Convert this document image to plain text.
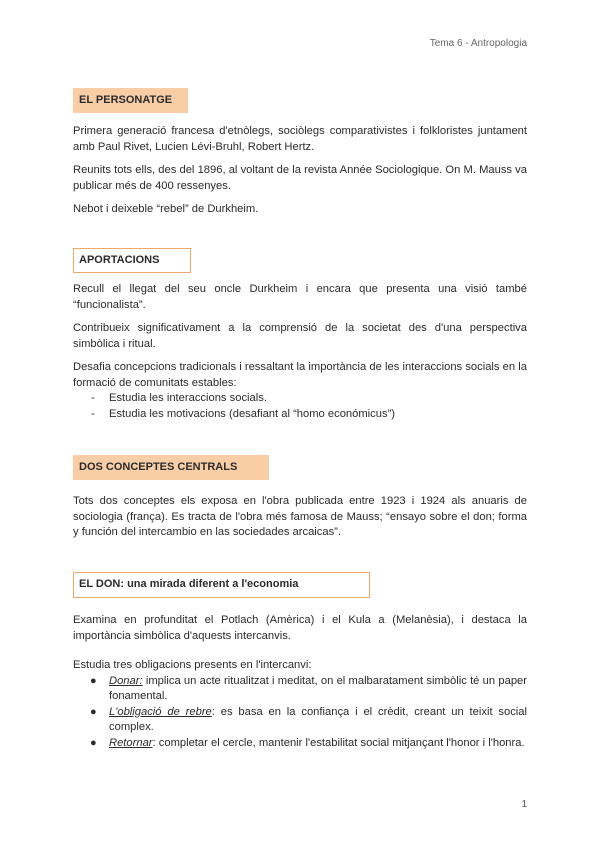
Tema 6 - Antropologia
EL PERSONATGE

Primera generació francesa d'etnòlegs, sociòlegs comparativistes i folkloristes juntament amb Paul Rivet, Lucien Lévi-Bruhl, Robert Hertz.

Reunits tots ells, des del 1896, al voltant de la revista Année Sociologique. On M. Mauss va publicar més de 400 ressenyes.

Nebot i deixeble “rebel” de Durkheim.

APORTACIONS

Recull el llegat del seu oncle Durkheim i encara que presenta una visió també “funcionalista”.

Contribueix significativament a la comprensió de la societat des d'una perspectiva simbòlica i ritual.

Desafia concepcions tradicionals i ressaltant la importància de les interaccions socials en la formació de comunitats estables:

- Estudia les interaccions socials.
- Estudia les motivacions (desafiant al “homo económicus”)
DOS CONCEPTES CENTRALS

Tots dos conceptes els exposa en l'obra publicada entre 1923 i 1924 als anuaris de sociologia (frança). Es tracta de l'obra més famosa de Mauss; “ensayo sobre el don; forma y función del intercambio en las sociedades arcaicas”.

EL DON: una mirada diferent a l'economia

Examina en profunditat el Potlach (Amèrica) i el Kula a (Melanèsia), i destaca la importància simbòlica d'aquests intercanvis.

Estudia tres obligacions presents en l'intercanvi:

● Donar: implica un acte ritualitzat i meditat, on el malbaratament simbòlic té un paper fonamental.
● L'obligació de rebre: es basa en la confiança i el crèdit, creant un teixit social complex.
● Retornar: completar el cercle, mantenir l'estabilitat social mitjançant l'honor i l'honra.
1
